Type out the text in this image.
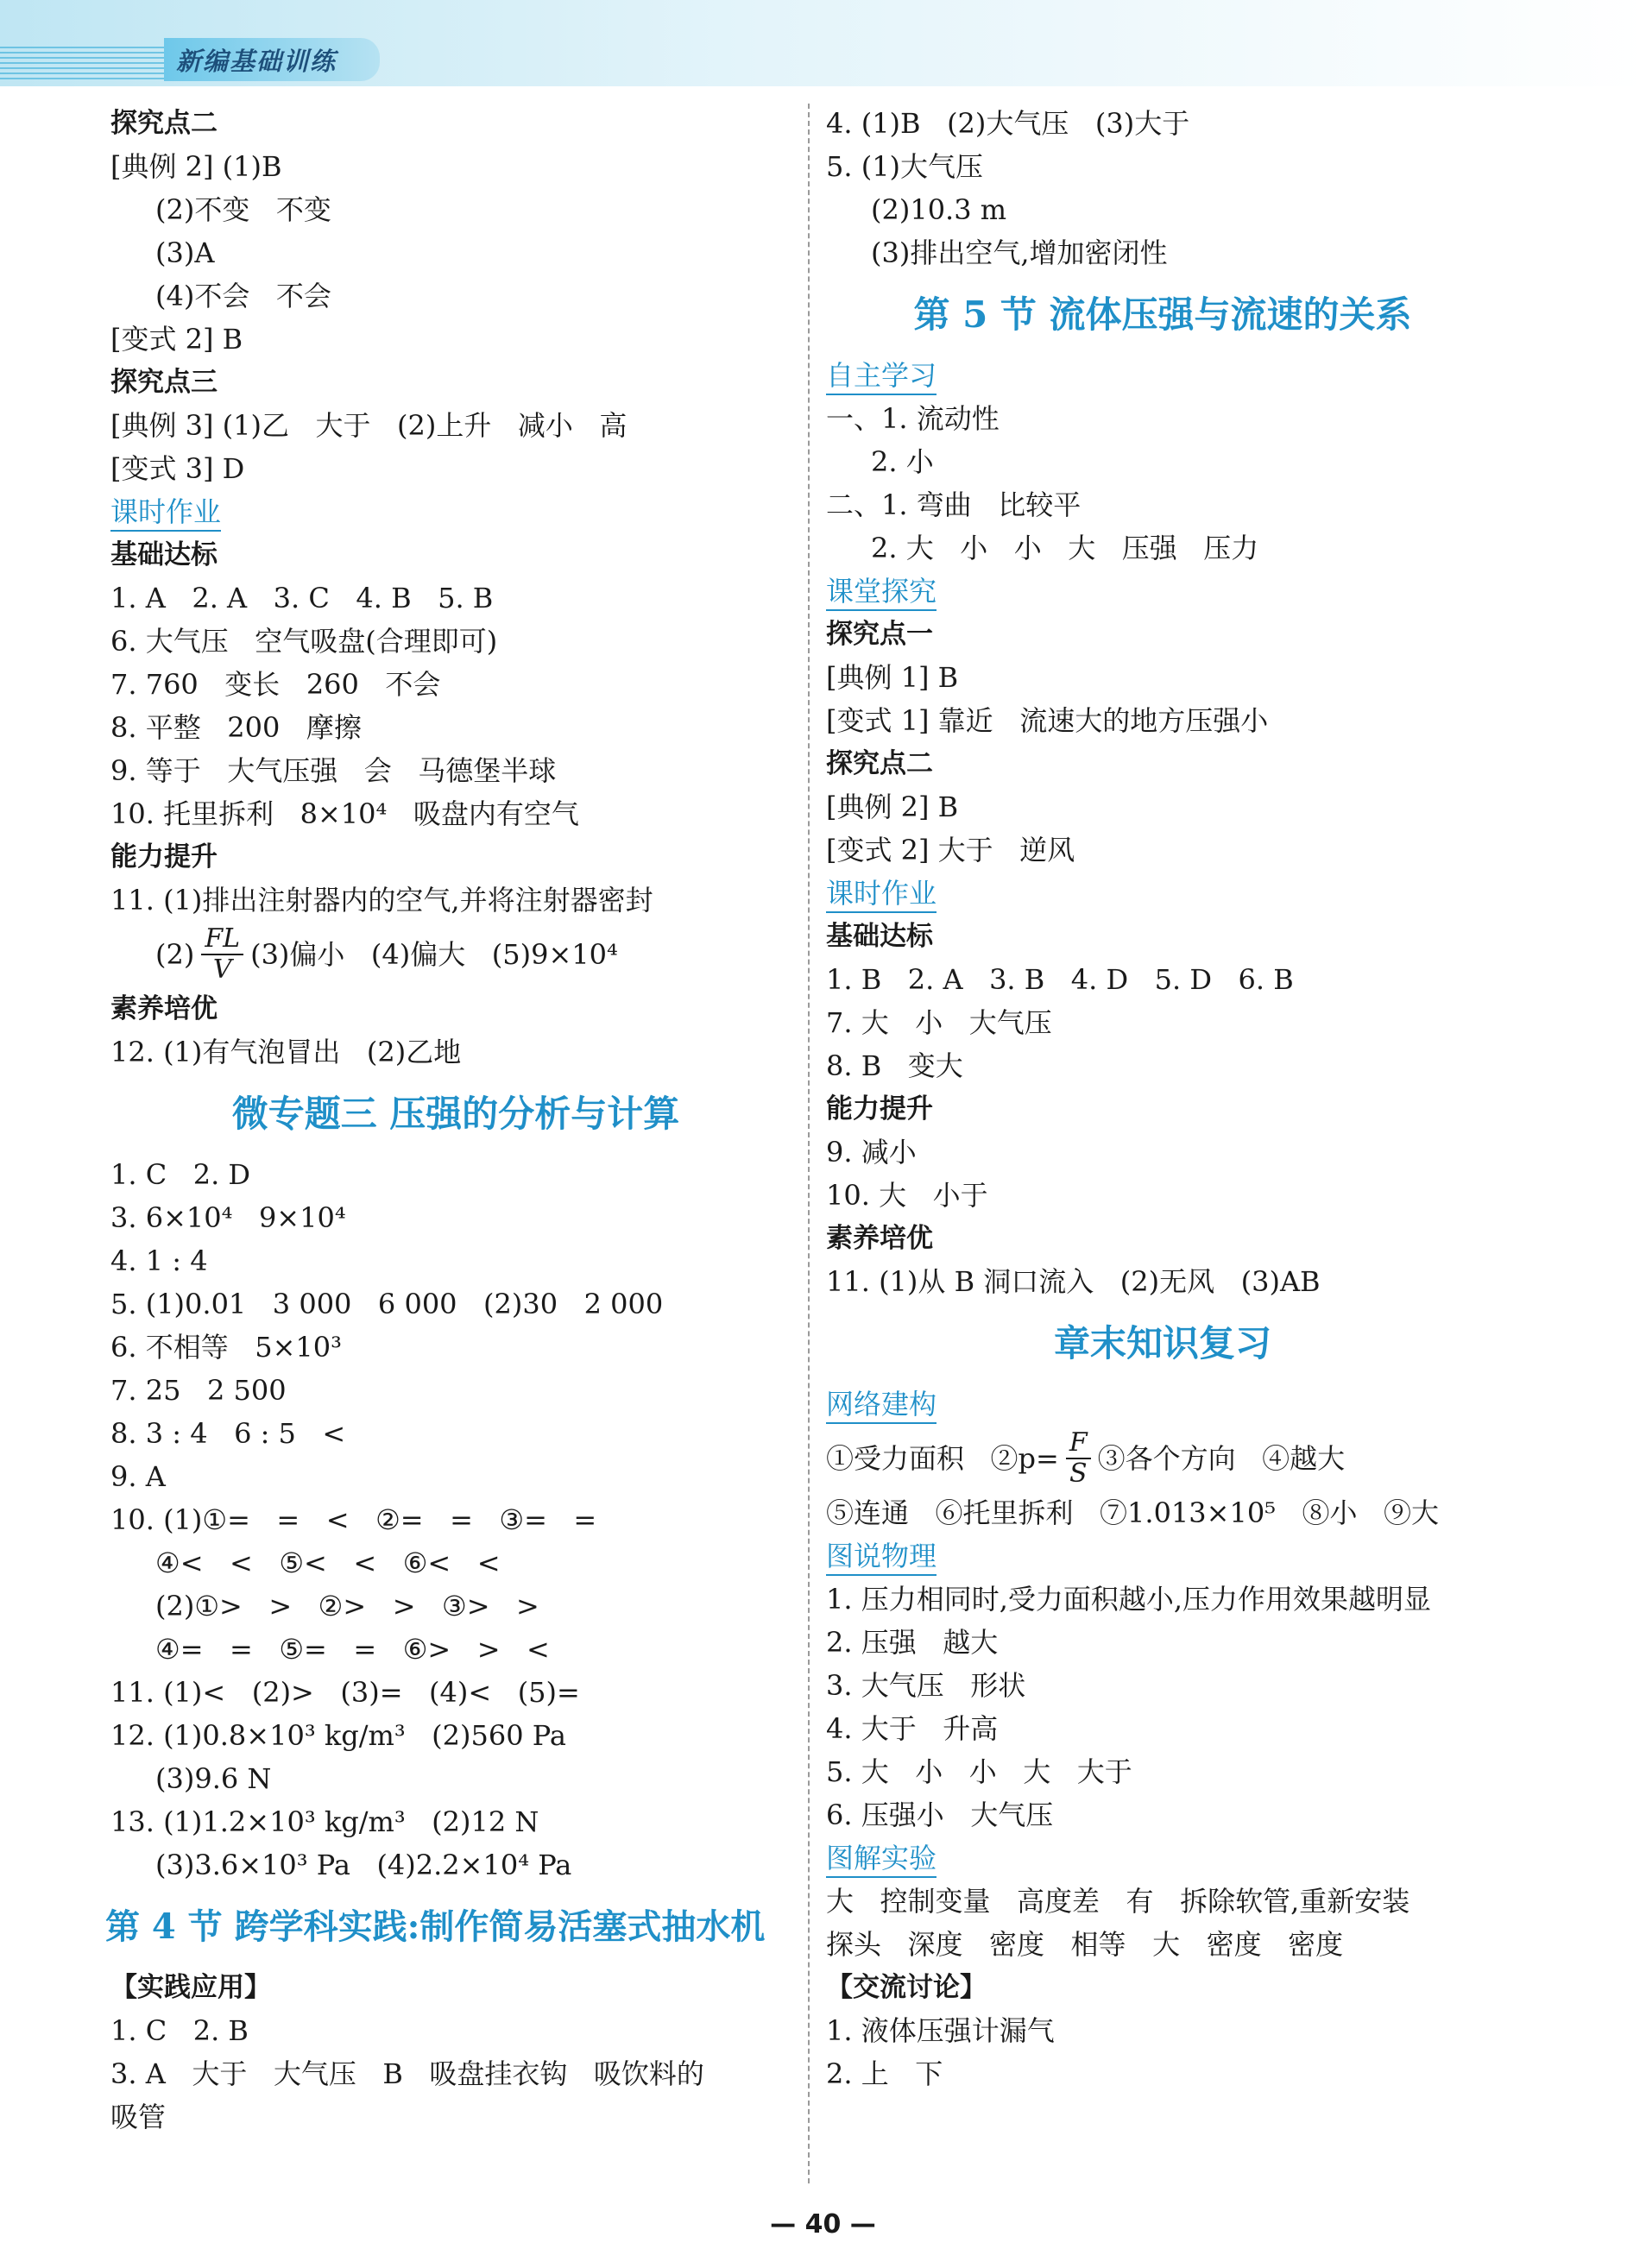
新编基础训练
探究点二
[典例 2] (1)B
(2)不变   不变
(3)A
(4)不会   不会
[变式 2] B
探究点三
[典例 3] (1)乙   大于   (2)上升   减小   高
[变式 3] D
课时作业
基础达标
1. A   2. A   3. C   4. B   5. B
6. 大气压   空气吸盘(合理即可)
7. 760   变长   260   不会
8. 平整   200   摩擦
9. 等于   大气压强   会   马德堡半球
10. 托里拆利   8×10⁴   吸盘内有空气
能力提升
11. (1)排出注射器内的空气,并将注射器密封
$(2) \frac{FL}{V} (3)$偏小   (4)偏大   (5)9×10⁴
素养培优
12. (1)有气泡冒出   (2)乙地
微专题三 压强的分析与计算
1. C   2. D
3. 6×10⁴   9×10⁴
4. 1 : 4
5. (1)0.01   3 000   6 000   (2)30   2 000
6. 不相等   5×10³
7. 25   2 500
8. 3 : 4   6 : 5   <
9. A
10. (1)①=   =   <   ②=   =   ③=   =
④<   <   ⑤<   <   ⑥<   <
(2)①>   >   ②>   >   ③>   >
④=   =   ⑤=   =   ⑥>   >   <
11. (1)<   (2)>   (3)=   (4)<   (5)=
12. (1)0.8×10³ kg/m³   (2)560 Pa
(3)9.6 N
13. (1)1.2×10³ kg/m³   (2)12 N
(3)3.6×10³ Pa   (4)2.2×10⁴ Pa
第 4 节 跨学科实践:制作简易活塞式抽水机
【实践应用】
1. C   2. B
3. A   大于   大气压   B   吸盘挂衣钩   吸饮料的
吸管
4. (1)B   (2)大气压   (3)大于
5. (1)大气压
(2)10.3 m
(3)排出空气,增加密闭性
第 5 节 流体压强与流速的关系
自主学习
一、1. 流动性
2. 小
二、1. 弯曲   比较平
2. 大   小   小   大   压强   压力
课堂探究
探究点一
[典例 1] B
[变式 1] 靠近   流速大的地方压强小
探究点二
[典例 2] B
[变式 2] 大于   逆风
课时作业
基础达标
1. B   2. A   3. B   4. D   5. D   6. B
7. 大   小   大气压
8. B   变大
能力提升
9. 减小
10. 大   小于
素养培优
11. (1)从 B 洞口流入   (2)无风   (3)AB
章末知识复习
网络建构
①受力面积   ②p= $\frac{F}{S}$ ③各个方向   ④越大
⑤连通   ⑥托里拆利   ⑦1.013×10⁵   ⑧小   ⑨大
图说物理
1. 压力相同时,受力面积越小,压力作用效果越明显
2. 压强   越大
3. 大气压   形状
4. 大于   升高
5. 大   小   小   大   大于
6. 压强小   大气压
图解实验
大   控制变量   高度差   有   拆除软管,重新安装
探头   深度   密度   相等   大   密度   密度
【交流讨论】
1. 液体压强计漏气
2. 上   下
— 40 —
